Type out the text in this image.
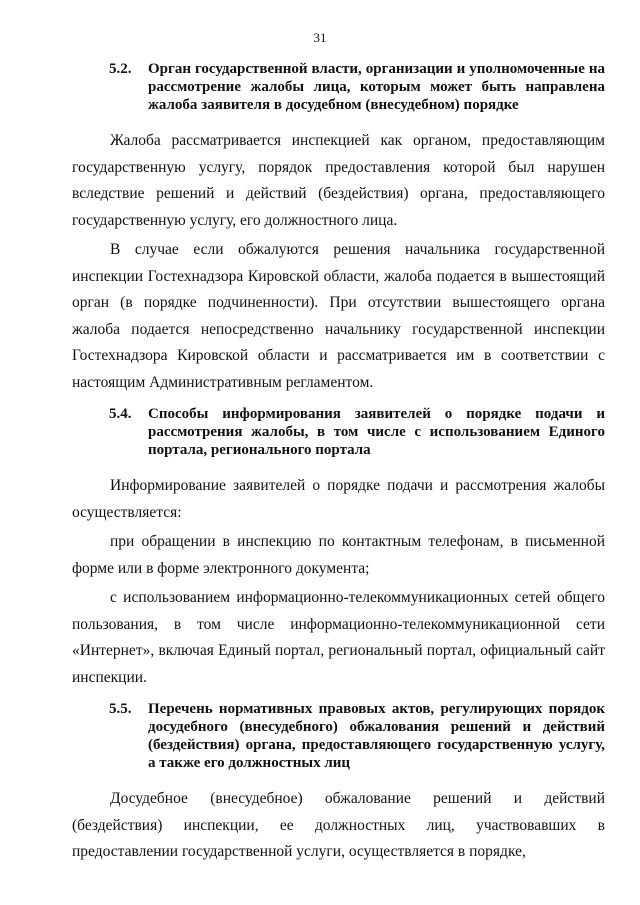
31
5.2.	Орган государственной власти, организации и уполномоченные на рассмотрение жалобы лица, которым может быть направлена жалоба заявителя в досудебном (внесудебном) порядке

Жалоба рассматривается инспекцией как органом, предоставляющим государственную услугу, порядок предоставления которой был нарушен вследствие решений и действий (бездействия) органа, предоставляющего государственную услугу, его должностного лица.

В случае если обжалуются решения начальника государственной инспекции Гостехнадзора Кировской области, жалоба подается в вышестоящий орган (в порядке подчиненности). При отсутствии вышестоящего органа жалоба подается непосредственно начальнику государственной инспекции Гостехнадзора Кировской области и рассматривается им в соответствии с настоящим Административным регламентом.

5.4.	Способы информирования заявителей о порядке подачи и рассмотрения жалобы, в том числе с использованием Единого портала, регионального портала

Информирование заявителей о порядке подачи и рассмотрения жалобы осуществляется:

при обращении в инспекцию по контактным телефонам, в письменной форме или в форме электронного документа;

с использованием информационно-телекоммуникационных сетей общего пользования, в том числе информационно-телекоммуникационной сети «Интернет», включая Единый портал, региональный портал, официальный сайт инспекции.

5.5.	Перечень нормативных правовых актов, регулирующих порядок досудебного (внесудебного) обжалования решений и действий (бездействия) органа, предоставляющего государственную услугу, а также его должностных лиц

Досудебное (внесудебное) обжалование решений и действий (бездействия) инспекции, ее должностных лиц, участвовавших в предоставлении государственной услуги, осуществляется в порядке,
